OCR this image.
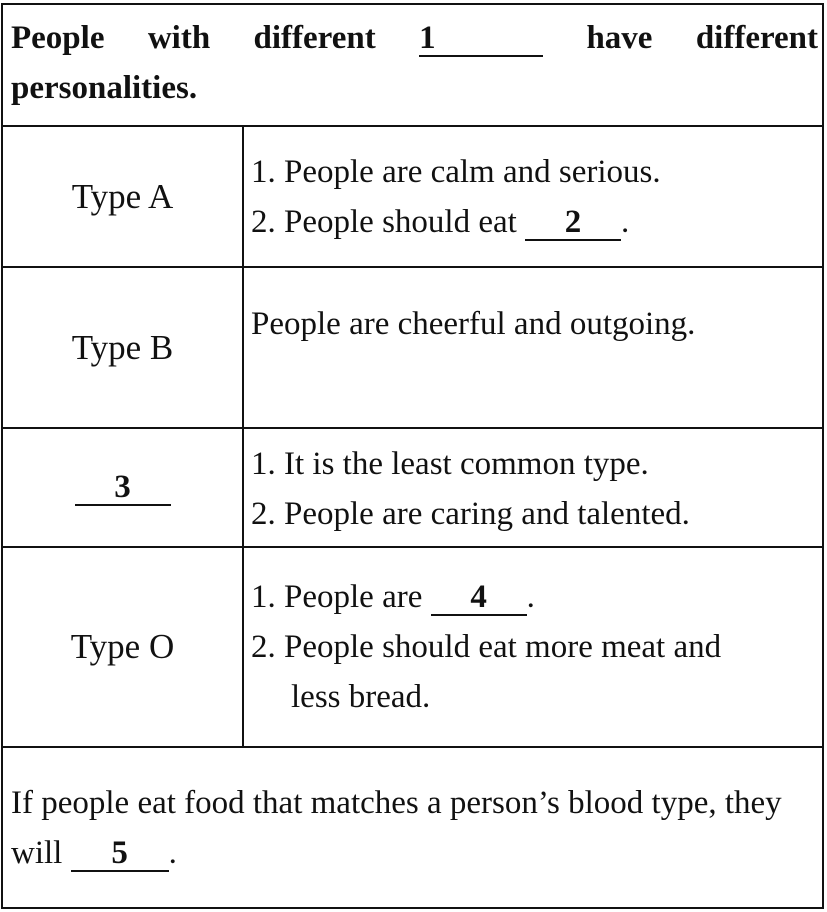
People with different 1	have different personalities.
Type A
1. People are calm and serious.
2. People should eat 2 .
Type B
People are cheerful and outgoing.
3
1. It is the least common type.
2. People are caring and talented.
Type O
1. People are 4 .
2. People should eat more meat and
less bread.
If people eat food that matches a person’s blood type, they will 5 .
